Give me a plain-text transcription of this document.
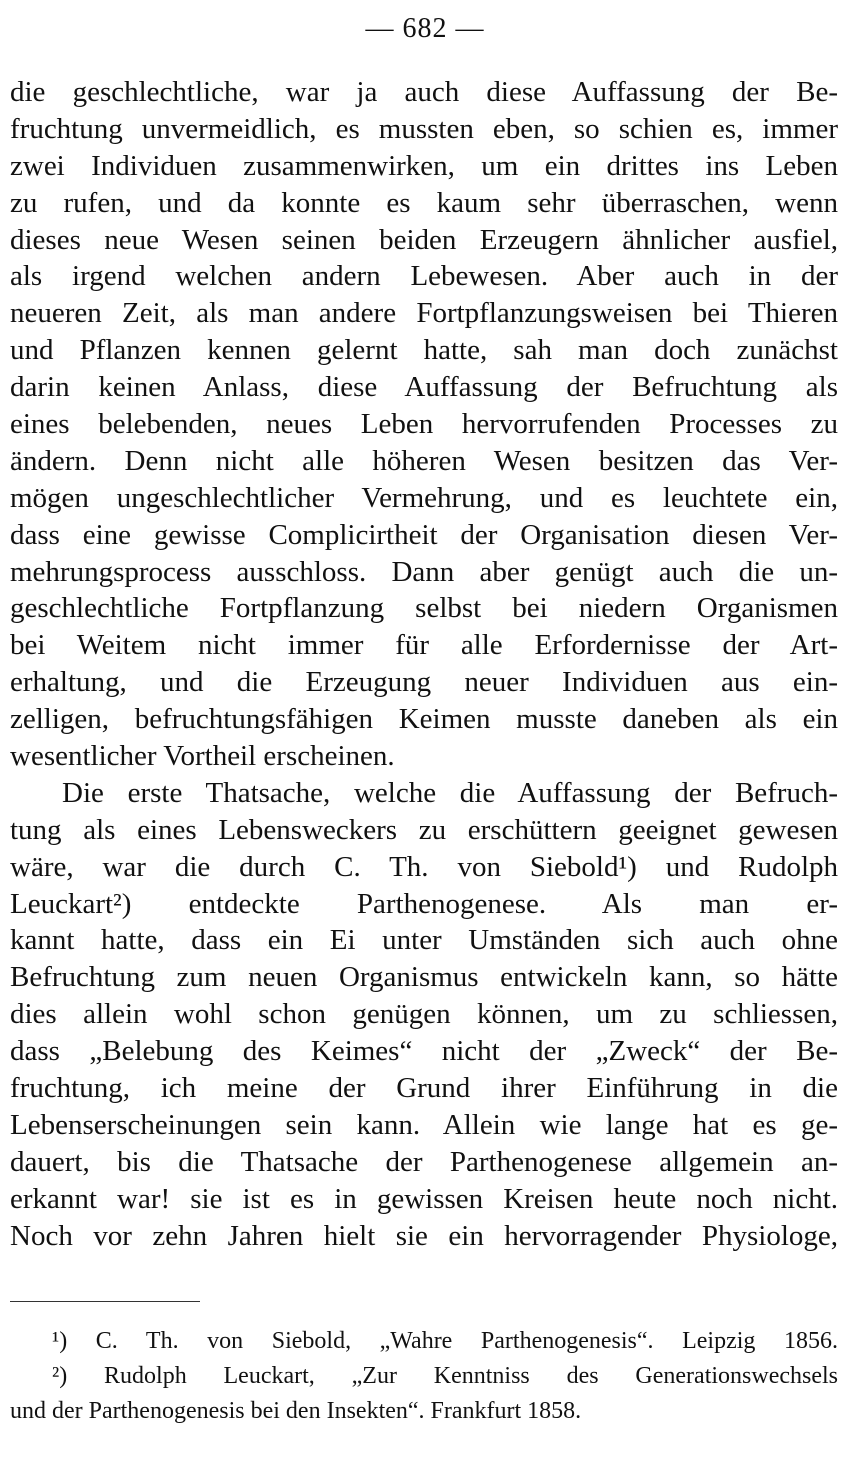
— 682 —
die geschlechtliche, war ja auch diese Auffassung der Be-
fruchtung unvermeidlich, es mussten eben, so schien es, immer
zwei Individuen zusammenwirken, um ein drittes ins Leben
zu rufen, und da konnte es kaum sehr überraschen, wenn
dieses neue Wesen seinen beiden Erzeugern ähnlicher ausfiel,
als irgend welchen andern Lebewesen. Aber auch in der
neueren Zeit, als man andere Fortpflanzungsweisen bei Thieren
und Pflanzen kennen gelernt hatte, sah man doch zunächst
darin keinen Anlass, diese Auffassung der Befruchtung als
eines belebenden, neues Leben hervorrufenden Processes zu
ändern. Denn nicht alle höheren Wesen besitzen das Ver-
mögen ungeschlechtlicher Vermehrung, und es leuchtete ein,
dass eine gewisse Complicirtheit der Organisation diesen Ver-
mehrungsprocess ausschloss. Dann aber genügt auch die un-
geschlechtliche Fortpflanzung selbst bei niedern Organismen
bei Weitem nicht immer für alle Erfordernisse der Art-
erhaltung, und die Erzeugung neuer Individuen aus ein-
zelligen, befruchtungsfähigen Keimen musste daneben als ein
wesentlicher Vortheil erscheinen.
Die erste Thatsache, welche die Auffassung der Befruch-
tung als eines Lebensweckers zu erschüttern geeignet gewesen
wäre, war die durch C. Th. von Siebold¹) und Rudolph
Leuckart²) entdeckte Parthenogenese. Als man er-
kannt hatte, dass ein Ei unter Umständen sich auch ohne
Befruchtung zum neuen Organismus entwickeln kann, so hätte
dies allein wohl schon genügen können, um zu schliessen,
dass „Belebung des Keimes“ nicht der „Zweck“ der Be-
fruchtung, ich meine der Grund ihrer Einführung in die
Lebenserscheinungen sein kann. Allein wie lange hat es ge-
dauert, bis die Thatsache der Parthenogenese allgemein an-
erkannt war! sie ist es in gewissen Kreisen heute noch nicht.
Noch vor zehn Jahren hielt sie ein hervorragender Physiologe,
¹) C. Th. von Siebold, „Wahre Parthenogenesis“. Leipzig 1856.
²) Rudolph Leuckart, „Zur Kenntniss des Generationswechsels
und der Parthenogenesis bei den Insekten“. Frankfurt 1858.
